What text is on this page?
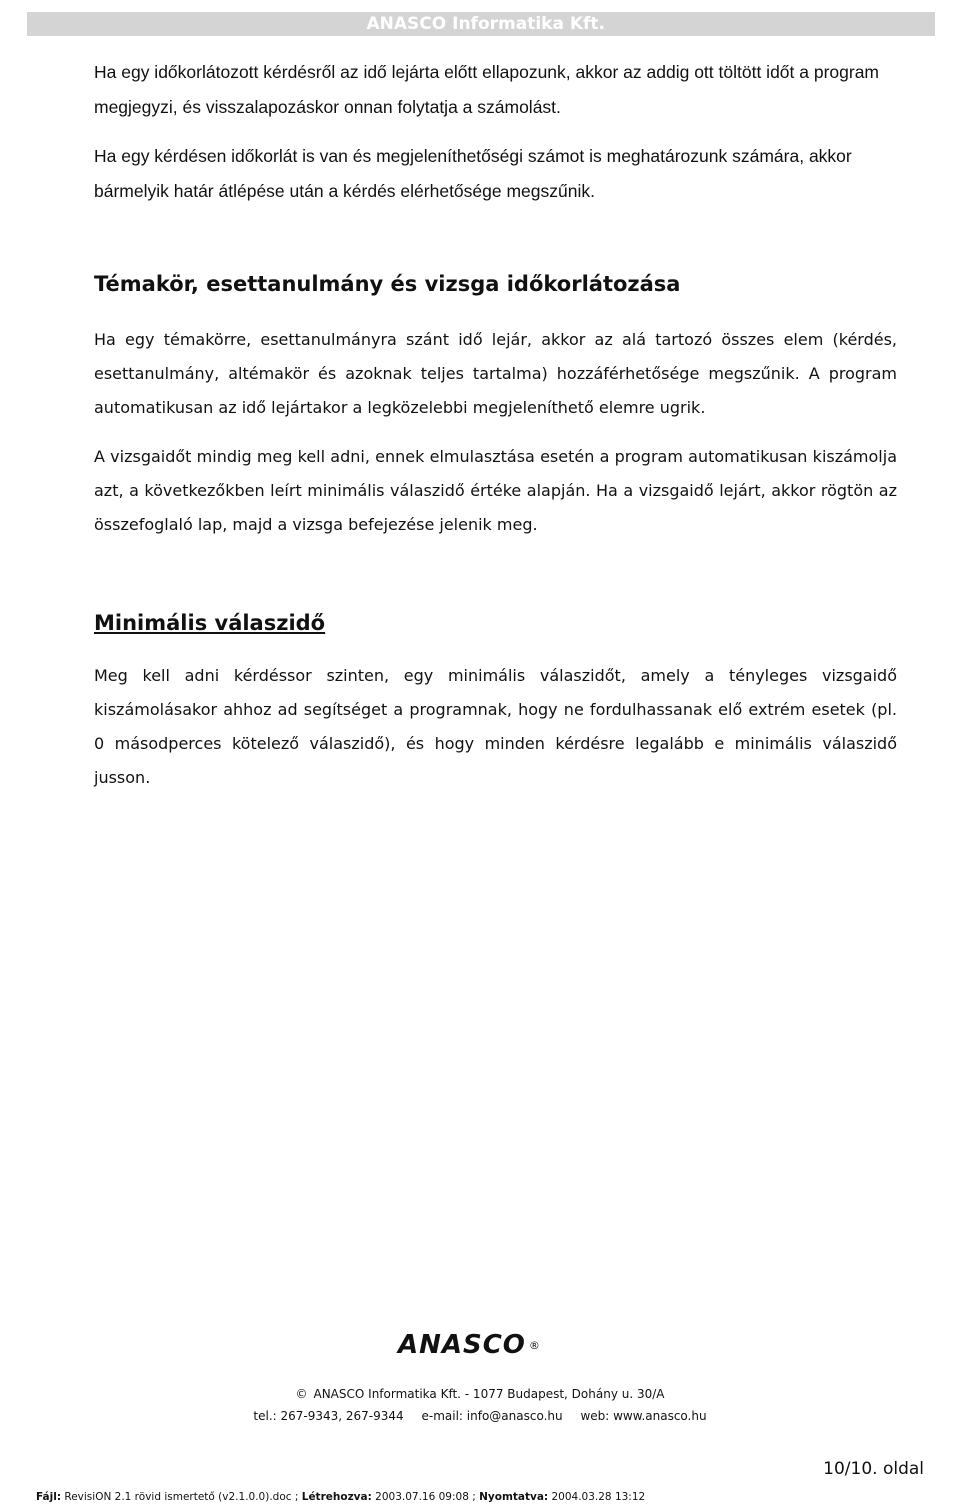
ANASCO Informatika Kft.

Ha egy időkorlátozott kérdésről az idő lejárta előtt ellapozunk, akkor az addig ott töltött időt a program megjegyzi, és visszalapozáskor onnan folytatja a számolást.

Ha egy kérdésen időkorlát is van és megjeleníthetőségi számot is meghatározunk számára, akkor bármelyik határ átlépése után a kérdés elérhetősége megszűnik.

Témakör, esettanulmány és vizsga időkorlátozása

Ha egy témakörre, esettanulmányra szánt idő lejár, akkor az alá tartozó összes elem (kérdés, esettanulmány, altémakör és azoknak teljes tartalma) hozzáférhetősége megszűnik. A program automatikusan az idő lejártakor a legközelebbi megjeleníthető elemre ugrik.

A vizsgaidőt mindig meg kell adni, ennek elmulasztása esetén a program automatikusan kiszámolja azt, a következőkben leírt minimális válaszidő értéke alapján. Ha a vizsgaidő lejárt, akkor rögtön az összefoglaló lap, majd a vizsga befejezése jelenik meg.

Minimális válaszidő

Meg kell adni kérdéssor szinten, egy minimális válaszidőt, amely a tényleges vizsgaidő kiszámolásakor ahhoz ad segítséget a programnak, hogy ne fordulhassanak elő extrém esetek (pl. 0 másodperces kötelező válaszidő), és hogy minden kérdésre legalább e minimális válaszidő jusson.

ANASCO ®
© ANASCO Informatika Kft. - 1077 Budapest, Dohány u. 30/A
tel.: 267-9343, 267-9344 e-mail: info@anasco.hu web: www.anasco.hu
10/10. oldal
Fájl: RevisiON 2.1 rövid ismertető (v2.1.0.0).doc ; Létrehozva: 2003.07.16 09:08 ; Nyomtatva: 2004.03.28 13:12
